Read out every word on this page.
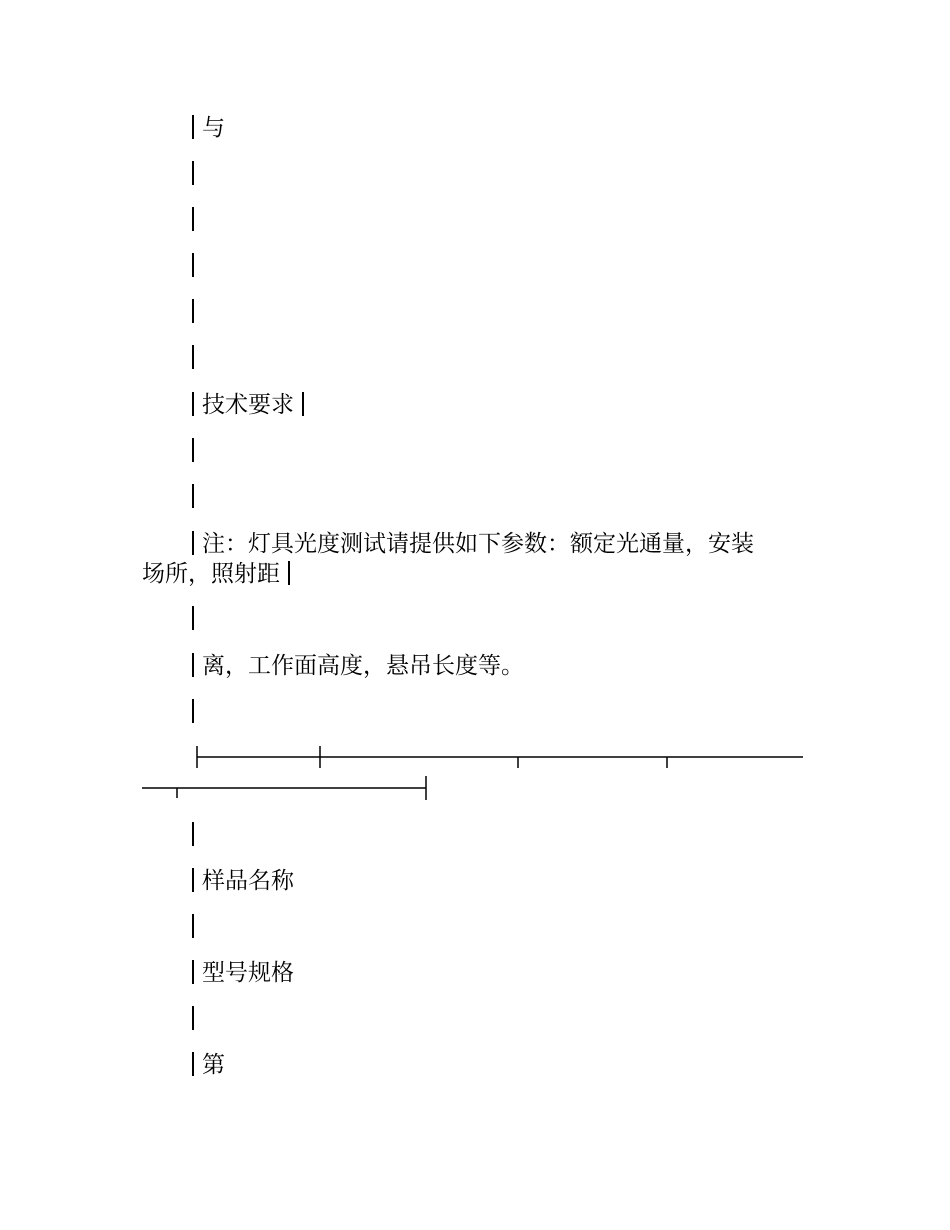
与
技术要求
注：灯具光度测试请提供如下参数：额定光通量，安装
场所，照射距
离，工作面高度，悬吊长度等。
样品名称
型号规格
第
